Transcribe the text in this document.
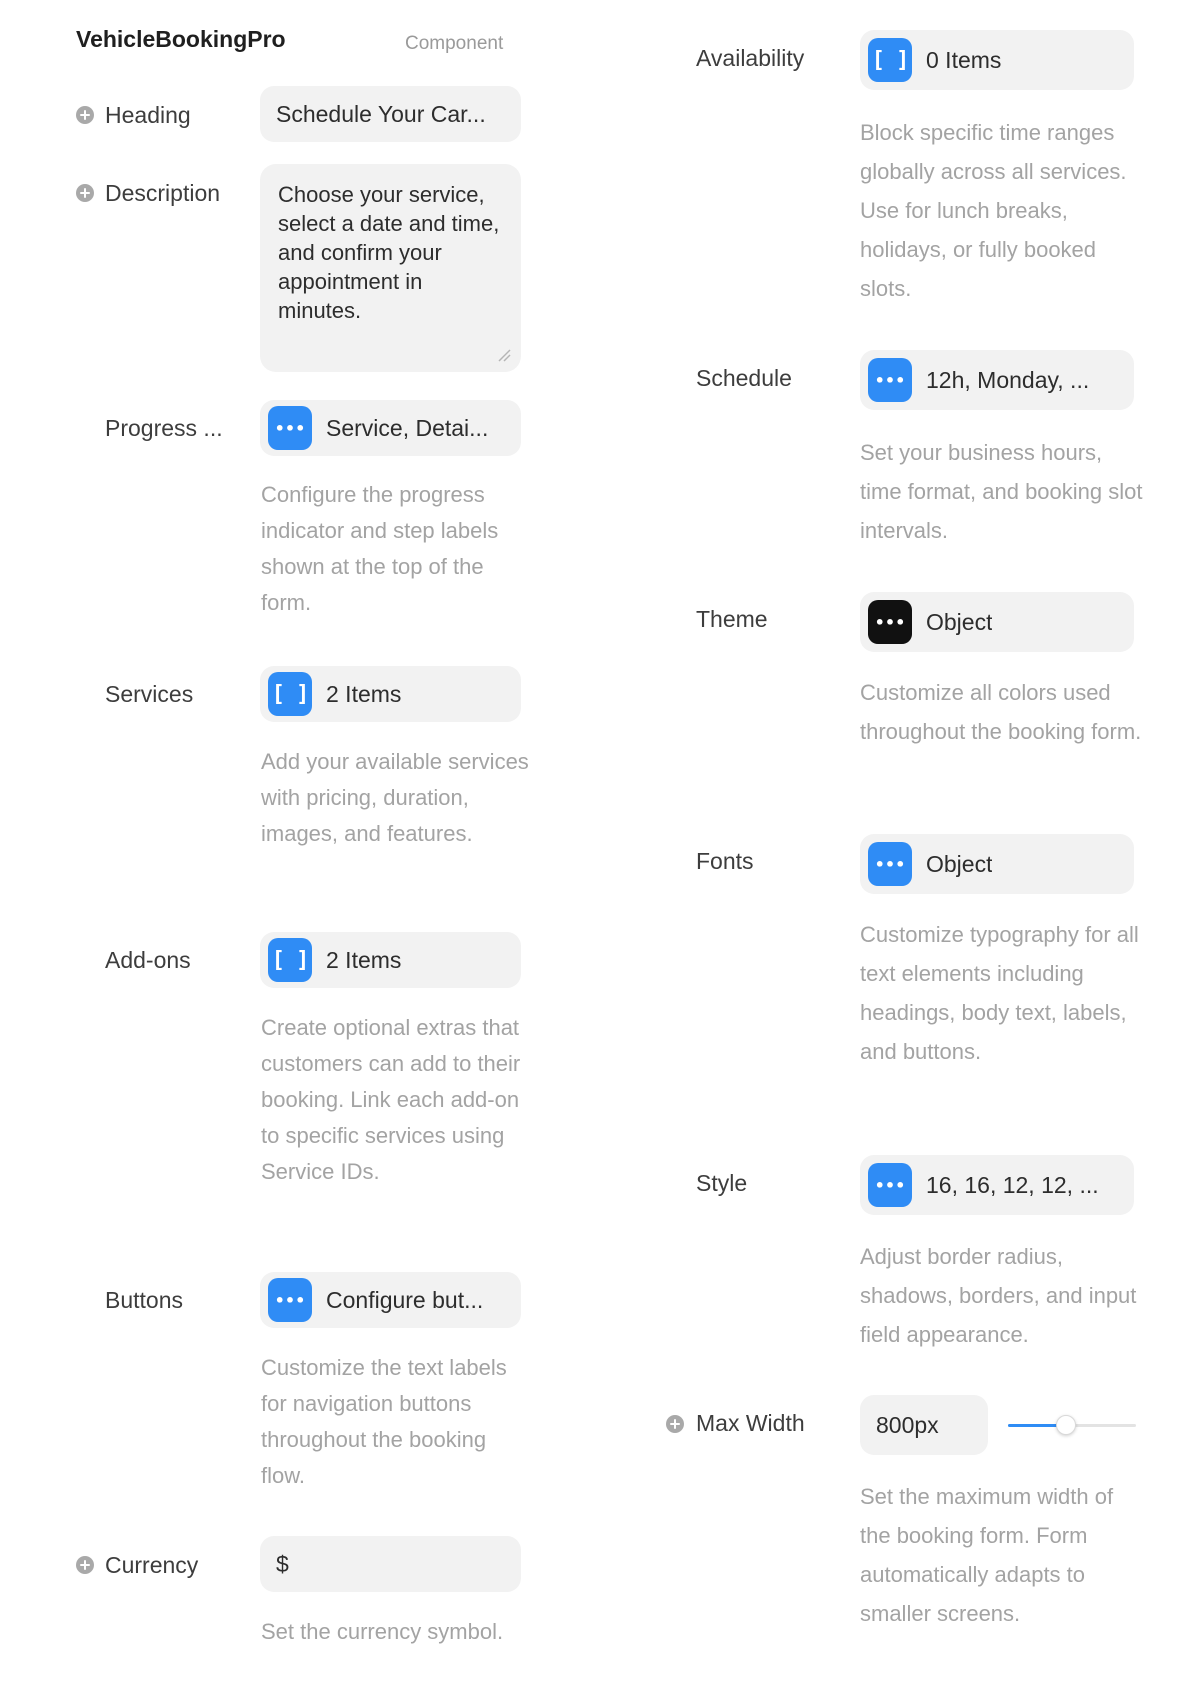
VehicleBookingPro	Component
Heading	Schedule Your Car...
Description	Choose your service, select a date and time, and confirm your appointment in minutes.
Progress ... •••	Service, Detai...
Configure the progress indicator and step labels shown at the top of the form.
Services	[ ] 2 Items
Add your available services with pricing, duration, images, and features.
Add-ons	[ ] 2 Items
Create optional extras that customers can add to their booking. Link each add-on to specific services using Service IDs.
Buttons •••	Configure but...
Customize the text labels for navigation buttons throughout the booking flow.
Currency	$
Set the currency symbol.
Availability	[ ] 0 Items
Block specific time ranges globally across all services. Use for lunch breaks, holidays, or fully booked slots.
Schedule •••	12h, Monday, ...
Set your business hours, time format, and booking slot intervals.
Theme •••	Object
Customize all colors used throughout the booking form.
Fonts •••	Object
Customize typography for all text elements including headings, body text, labels, and buttons.
Style •••	16, 16, 12, 12, ...
Adjust border radius, shadows, borders, and input field appearance.
Max Width	800px
Set the maximum width of the booking form. Form automatically adapts to smaller screens.
